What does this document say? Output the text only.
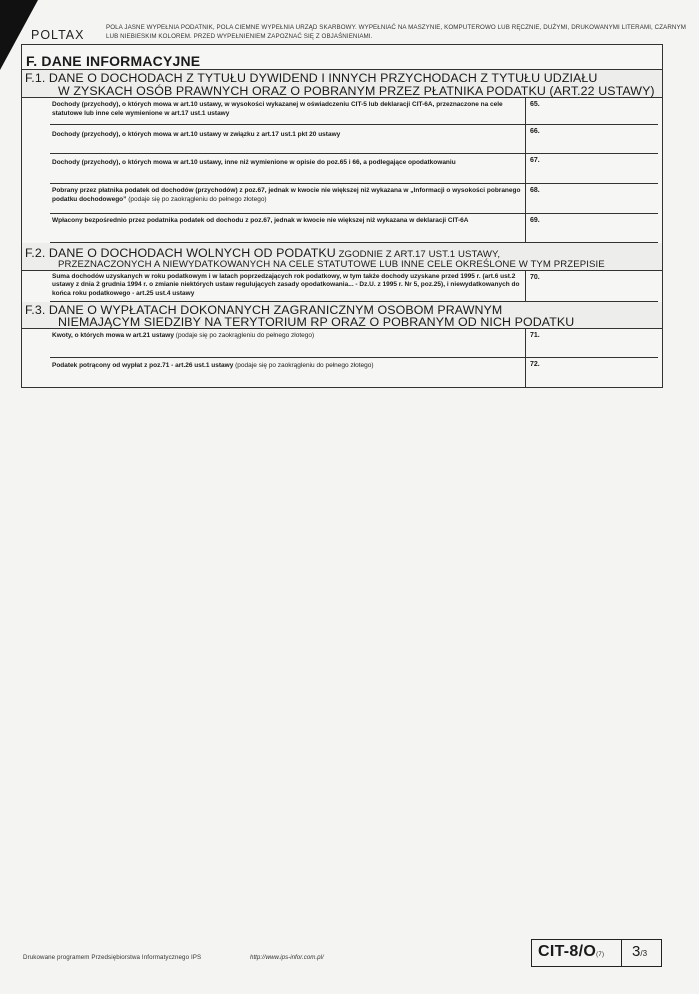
POLTAX
POLA JASNE WYPEŁNIA PODATNIK, POLA CIEMNE WYPEŁNIA URZĄD SKARBOWY. WYPEŁNIAĆ NA MASZYNIE, KOMPUTEROWO LUB RĘCZNIE, DUŻYMI, DRUKOWANYMI LITERAMI, CZARNYM LUB NIEBIESKIM KOLOREM. PRZED WYPEŁNIENIEM ZAPOZNAĆ SIĘ Z OBJAŚNIENIAMI.
F. DANE INFORMACYJNE
F.1. DANE O DOCHODACH Z TYTUŁU DYWIDEND I INNYCH PRZYCHODACH Z TYTUŁU UDZIAŁU
W ZYSKACH OSÓB PRAWNYCH ORAZ O POBRANYM PRZEZ PŁATNIKA PODATKU (ART.22 USTAWY)
Dochody (przychody), o których mowa w art.10 ustawy, w wysokości wykazanej w oświadczeniu CIT-5 lub deklaracji CIT-6A, przeznaczone na cele statutowe lub inne cele wymienione w art.17 ust.1 ustawy
65.
Dochody (przychody), o których mowa w art.10 ustawy w związku z art.17 ust.1 pkt 20 ustawy	66.
Dochody (przychody), o których mowa w art.10 ustawy, inne niż wymienione w opisie do poz.65 i 66, a podlegające opodatkowaniu	67.
Pobrany przez płatnika podatek od dochodów (przychodów) z poz.67, jednak w kwocie nie większej niż wykazana w „Informacji o wysokości pobranego podatku dochodowego” (podaje się po zaokrągleniu do pełnego złotego)
68.
Wpłacony bezpośrednio przez podatnika podatek od dochodu z poz.67, jednak w kwocie nie większej niż wykazana w deklaracji CIT-6A	69.
F.2. DANE O DOCHODACH WOLNYCH OD PODATKU ZGODNIE Z ART.17 UST.1 USTAWY,
PRZEZNACZONYCH A NIEWYDATKOWANYCH NA CELE STATUTOWE LUB INNE CELE OKREŚLONE W TYM PRZEPISIE
Suma dochodów uzyskanych w roku podatkowym i w latach poprzedzających rok podatkowy, w tym także dochody uzyskane przed 1995 r. (art.6 ust.2 ustawy z dnia 2 grudnia 1994 r. o zmianie niektórych ustaw regulujących zasady opodatkowania... - Dz.U. z 1995 r. Nr 5, poz.25), i niewydatkowanych do końca roku podatkowego - art.25 ust.4 ustawy
70.
F.3. DANE O WYPŁATACH DOKONANYCH ZAGRANICZNYM OSOBOM PRAWNYM
NIEMAJĄCYM SIEDZIBY NA TERYTORIUM RP ORAZ O POBRANYM OD NICH PODATKU
Kwoty, o których mowa w art.21 ustawy (podaje się po zaokrągleniu do pełnego złotego)	71.
Podatek potrącony od wypłat z poz.71 - art.26 ust.1 ustawy (podaje się po zaokrągleniu do pełnego złotego)	72.
Drukowane programem Przedsiębiorstwa Informatycznego IPS	http://www.ips-infor.com.pl/	CIT-8/O(7) 3/3
